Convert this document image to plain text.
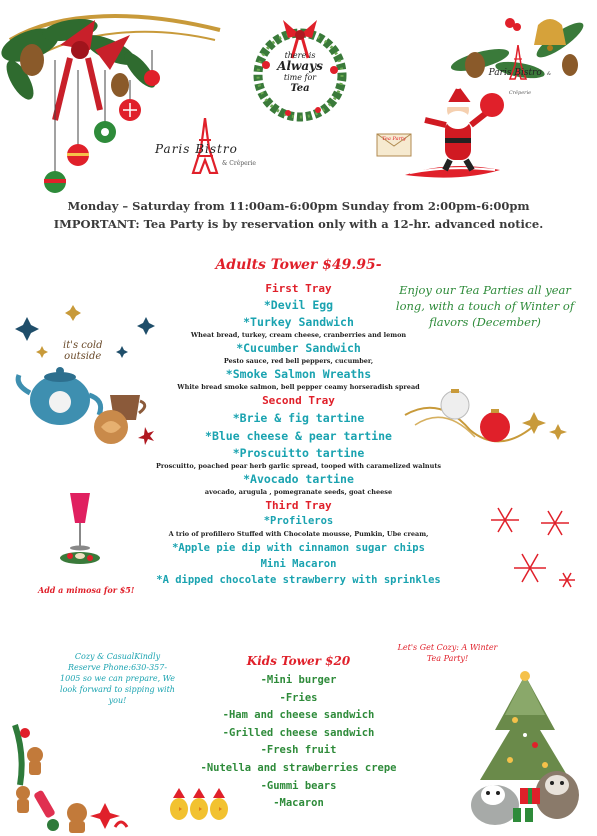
there is
Always
time for
Tea
Paris Bistro & Crêperie
Tea Party
Paris Bistro
& Crêperie
Monday – Saturday from 11:00am-6:00pm Sunday from 2:00pm-6:00pm
IMPORTANT: Tea Party is by reservation only with a 12-hr. advanced notice.
Adults Tower $49.95-
First Tray
*Devil Egg
*Turkey Sandwich
Wheat bread, turkey, cream cheese, cranberries and lemon
*Cucumber Sandwich
Pesto sauce, red bell peppers, cucumber,
*Smoke Salmon Wreaths
White bread smoke salmon, bell pepper ceamy horseradish spread
Second Tray
*Brie & fig tartine
*Blue cheese & pear tartine
*Proscuitto tartine
Proscuitto, poached pear herb garlic spread, tooped with caramelized walnuts
*Avocado tartine
avocado, arugula , pomegranate seeds, goat cheese
Third Tray
*Profileros
A trio of profillero Stuffed with Chocolate mousse, Pumkin, Ube cream,
*Apple pie dip with cinnamon sugar chips
Mini Macaron
*A dipped chocolate strawberry with sprinkles
Enjoy our Tea Parties all year long, with a touch of Winter of flavors (December)
it's cold
outside
Add a mimosa for $5!
Cozy & CasualKindly Reserve Phone:630-357-1005 so we can prepare, We look forward to sipping with you!
Let's Get Cozy: A Winter Tea Party!
Kids Tower $20
-Mini burger
-Fries
-Ham and cheese sandwich
-Grilled cheese sandwich
-Fresh fruit
-Nutella and strawberries crepe
-Gummi bears
-Macaron
